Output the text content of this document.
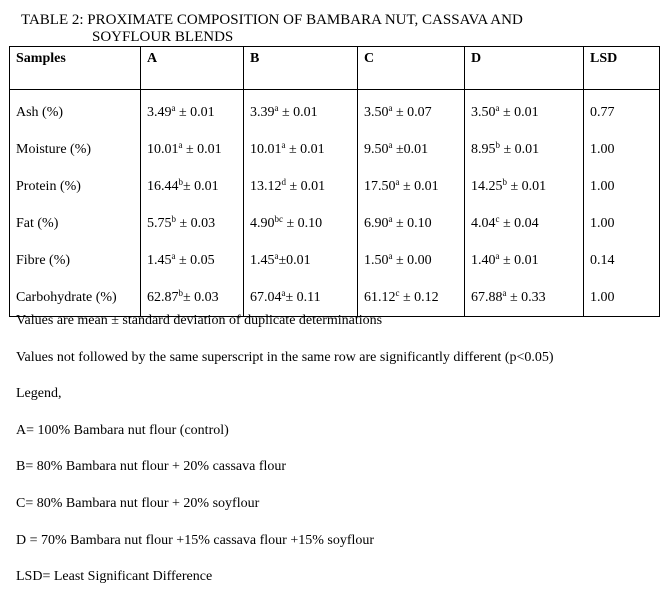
TABLE 2: PROXIMATE COMPOSITION OF BAMBARA NUT, CASSAVA AND
SOYFLOUR BLENDS
Samples	A	B	C	D	LSD
Ash (%)	3.49$^a$ ± 0.01	3.39$^a$ ± 0.01	3.50$^a$ ± 0.07	3.50$^a$ ± 0.01	0.77
Moisture (%)	10.01$^a$ ± 0.01	10.01$^a$ ± 0.01	9.50$^a$ ±0.01	8.95$^b$ ± 0.01	1.00
Protein (%)	16.44$^b$± 0.01	13.12$^d$ ± 0.01	17.50$^a$ ± 0.01	14.25$^b$ ± 0.01	1.00
Fat (%)	5.75$^b$ ± 0.03	4.90$^{bc}$ ± 0.10	6.90$^a$ ± 0.10	4.04$^c$ ± 0.04	1.00
Fibre (%)	1.45$^a$ ± 0.05	1.45$^a$±0.01	1.50$^a$ ± 0.00	1.40$^a$ ± 0.01	0.14
Carbohydrate (%)	62.87$^b$± 0.03	67.04$^a$± 0.11	61.12$^c$ ± 0.12	67.88$^a$ ± 0.33	1.00

Values are mean ± standard deviation of duplicate determinations

Values not followed by the same superscript in the same row are significantly different (p<0.05)

Legend,

A= 100% Bambara nut flour (control)

B= 80% Bambara nut flour + 20% cassava flour

C= 80% Bambara nut flour + 20% soyflour

D = 70% Bambara nut flour +15% cassava flour +15% soyflour

LSD= Least Significant Difference
